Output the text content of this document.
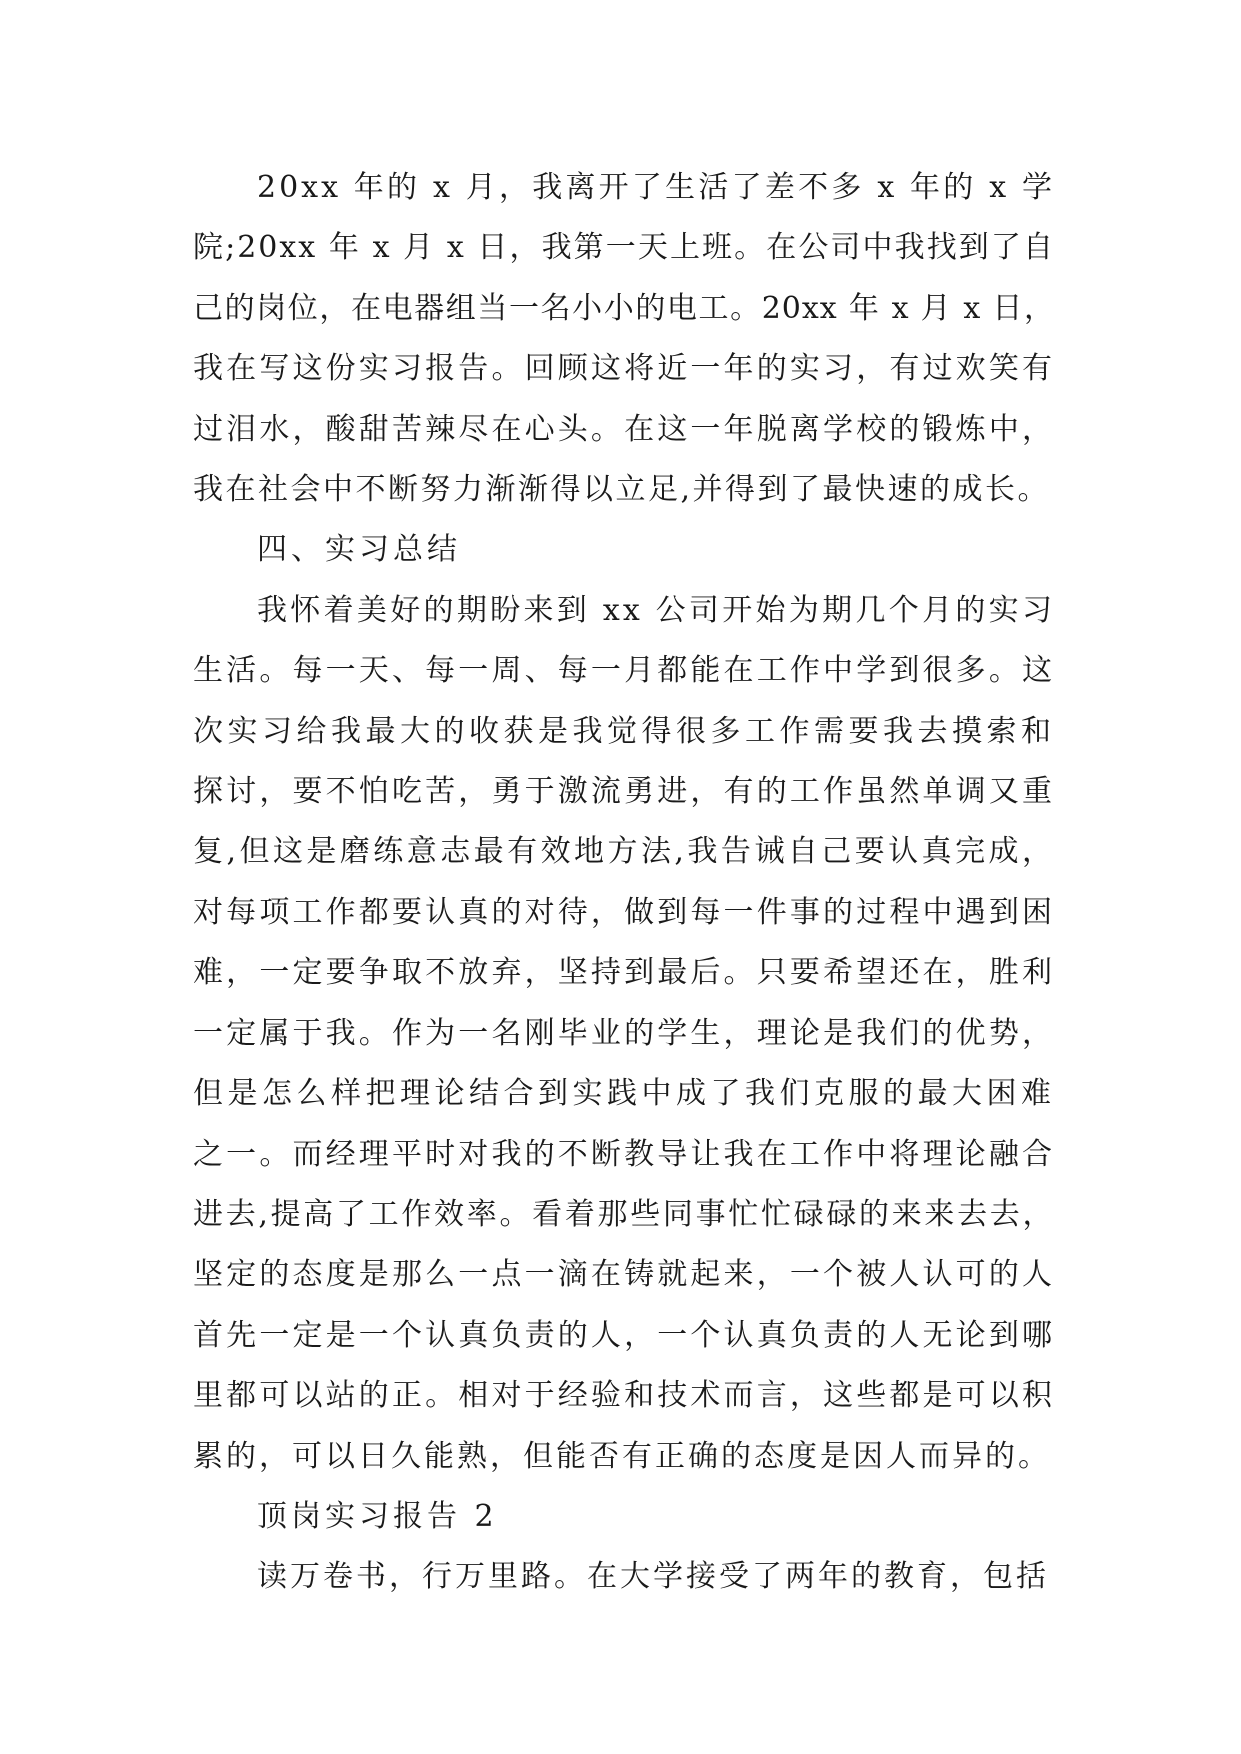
20xx 年的 x 月，我离开了生活了差不多 x 年的 x 学
院;20xx 年 x 月 x 日，我第一天上班。在公司中我找到了自
己的岗位，在电器组当一名小小的电工。20xx 年 x 月 x 日，
我在写这份实习报告。回顾这将近一年的实习，有过欢笑有
过泪水，酸甜苦辣尽在心头。在这一年脱离学校的锻炼中，
我在社会中不断努力渐渐得以立足,并得到了最快速的成长。

四、实习总结

我怀着美好的期盼来到 xx 公司开始为期几个月的实习
生活。每一天、每一周、每一月都能在工作中学到很多。这
次实习给我最大的收获是我觉得很多工作需要我去摸索和
探讨，要不怕吃苦，勇于激流勇进，有的工作虽然单调又重
复,但这是磨练意志最有效地方法,我告诫自己要认真完成，
对每项工作都要认真的对待，做到每一件事的过程中遇到困
难，一定要争取不放弃，坚持到最后。只要希望还在，胜利
一定属于我。作为一名刚毕业的学生，理论是我们的优势，
但是怎么样把理论结合到实践中成了我们克服的最大困难
之一。而经理平时对我的不断教导让我在工作中将理论融合
进去,提高了工作效率。看着那些同事忙忙碌碌的来来去去，
坚定的态度是那么一点一滴在铸就起来，一个被人认可的人
首先一定是一个认真负责的人，一个认真负责的人无论到哪
里都可以站的正。相对于经验和技术而言，这些都是可以积
累的，可以日久能熟，但能否有正确的态度是因人而异的。

顶岗实习报告 2

读万卷书，行万里路。在大学接受了两年的教育，包括
